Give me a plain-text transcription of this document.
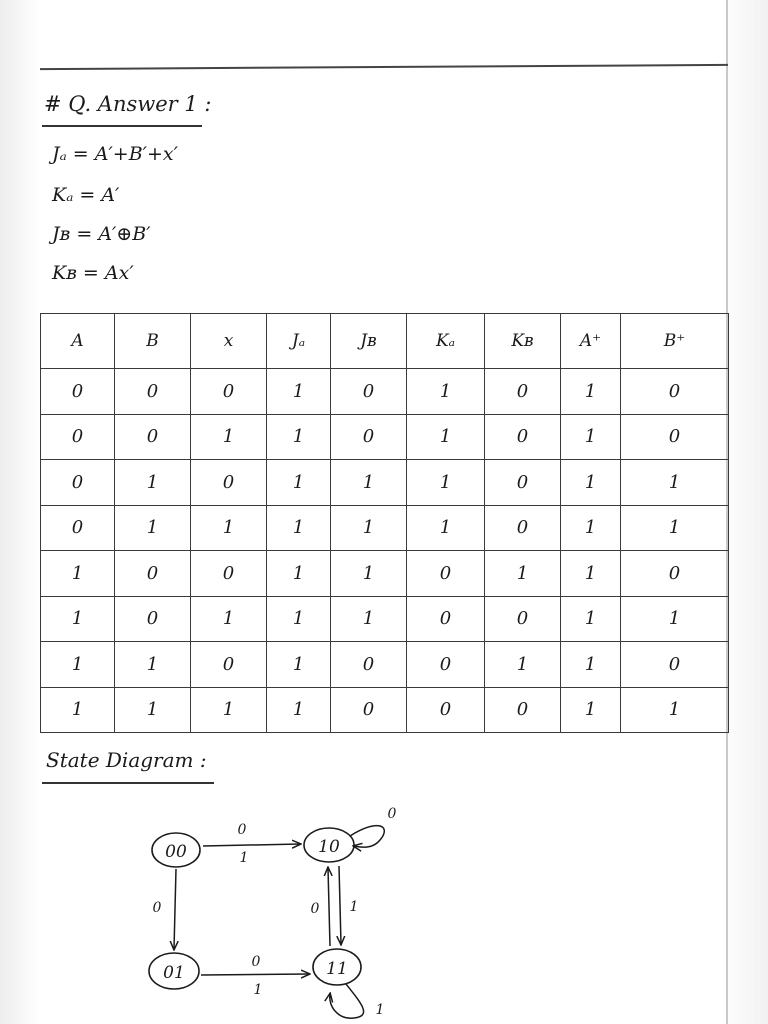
# Q. Answer 1 :
Jₐ = A′+B′+x′
Kₐ = A′
Jʙ = A′⊕B′
Kʙ = Ax′
A	B	x	Jₐ	Jʙ	Kₐ	Kʙ	A⁺	B⁺
0	0	0	1	0	1	0	1	0
0	0	1	1	0	1	0	1	0
0	1	0	1	1	1	0	1	1
0	1	1	1	1	1	0	1	1
1	0	0	1	1	0	1	1	0
1	0	1	1	1	0	0	1	1
1	1	0	1	0	0	1	1	0
1	1	1	1	0	0	0	1	1
State Diagram :
00	10
01	11
0
1
0
0	0 1
0
1
1
